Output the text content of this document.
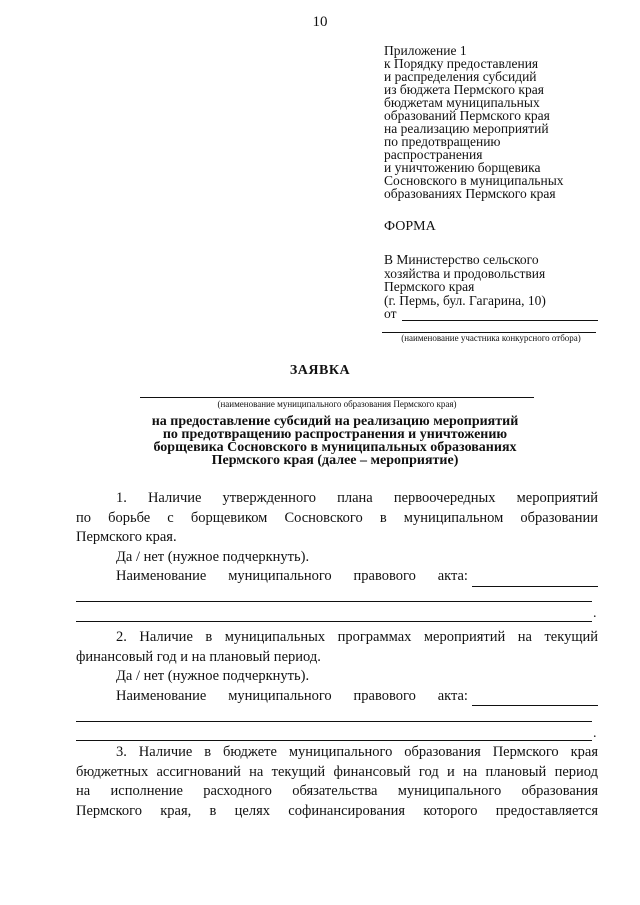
10
Приложение 1
к Порядку предоставления
и распределения субсидий
из бюджета Пермского края
бюджетам муниципальных
образований Пермского края
на реализацию мероприятий
по предотвращению
распространения
и уничтожению борщевика
Сосновского в муниципальных
образованиях Пермского края
ФОРМА
В Министерство сельского
хозяйства и продовольствия
Пермского края
(г. Пермь, бул. Гагарина, 10)
от
(наименование участника конкурсного отбора)
ЗАЯВКА
(наименование муниципального образования Пермского края)
на предоставление субсидий на реализацию мероприятий
по предотвращению распространения и уничтожению
борщевика Сосновского в муниципальных образованиях
Пермского края (далее – мероприятие)

1. Наличие утвержденного плана первоочередных мероприятий

по борьбе с борщевиком Сосновского в муниципальном образовании

Пермского края.

Да / нет (нужное подчеркнуть).

Наименование муниципального правового акта:
.

2. Наличие в муниципальных программах мероприятий на текущий

финансовый год и на плановый период.

Да / нет (нужное подчеркнуть).

Наименование муниципального правового акта:
.

3. Наличие в бюджете муниципального образования Пермского края

бюджетных ассигнований на текущий финансовый год и на плановый период

на исполнение расходного обязательства муниципального образования

Пермского края, в целях софинансирования которого предоставляется
